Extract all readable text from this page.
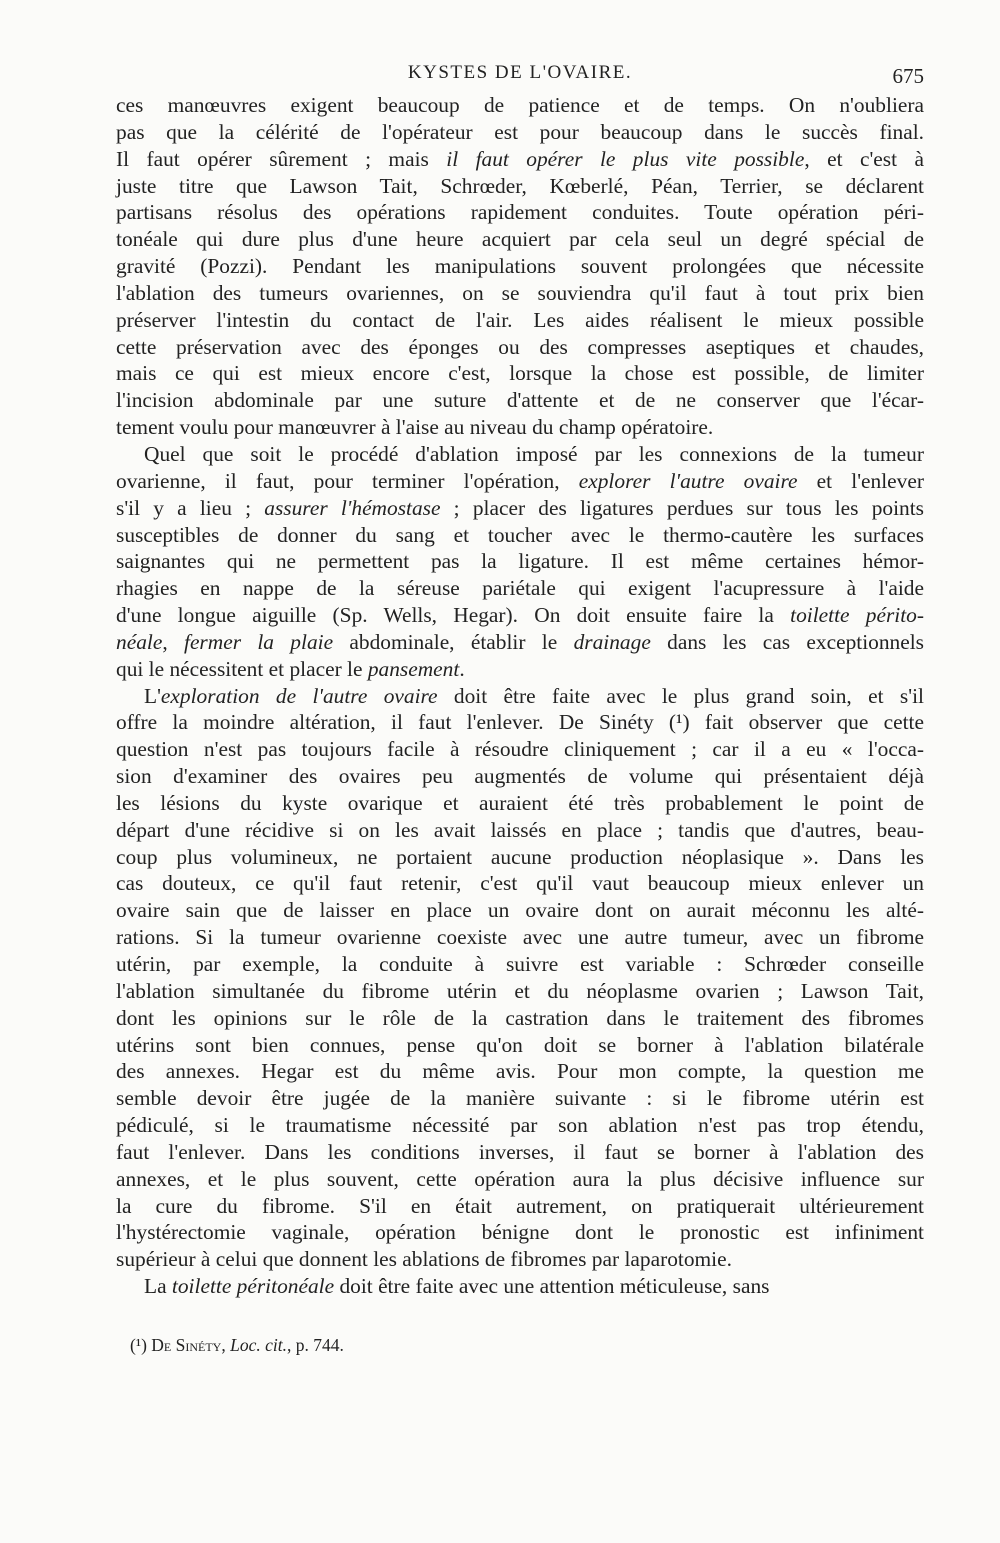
KYSTES DE L'OVAIRE.	675
ces manœuvres exigent beaucoup de patience et de temps. On n'oubliera
pas que la célérité de l'opérateur est pour beaucoup dans le succès final.
Il faut opérer sûrement ; mais il faut opérer le plus vite possible, et c'est à
juste titre que Lawson Tait, Schrœder, Kœberlé, Péan, Terrier, se déclarent
partisans résolus des opérations rapidement conduites. Toute opération péri-
tonéale qui dure plus d'une heure acquiert par cela seul un degré spécial de
gravité (Pozzi). Pendant les manipulations souvent prolongées que nécessite
l'ablation des tumeurs ovariennes, on se souviendra qu'il faut à tout prix bien
préserver l'intestin du contact de l'air. Les aides réalisent le mieux possible
cette préservation avec des éponges ou des compresses aseptiques et chaudes,
mais ce qui est mieux encore c'est, lorsque la chose est possible, de limiter
l'incision abdominale par une suture d'attente et de ne conserver que l'écar-
tement voulu pour manœuvrer à l'aise au niveau du champ opératoire.
Quel que soit le procédé d'ablation imposé par les connexions de la tumeur
ovarienne, il faut, pour terminer l'opération, explorer l'autre ovaire et l'enlever
s'il y a lieu ; assurer l'hémostase ; placer des ligatures perdues sur tous les points
susceptibles de donner du sang et toucher avec le thermo-cautère les surfaces
saignantes qui ne permettent pas la ligature. Il est même certaines hémor-
rhagies en nappe de la séreuse pariétale qui exigent l'acupressure à l'aide
d'une longue aiguille (Sp. Wells, Hegar). On doit ensuite faire la toilette périto-
néale, fermer la plaie abdominale, établir le drainage dans les cas exceptionnels
qui le nécessitent et placer le pansement.
L'exploration de l'autre ovaire doit être faite avec le plus grand soin, et s'il
offre la moindre altération, il faut l'enlever. De Sinéty (¹) fait observer que cette
question n'est pas toujours facile à résoudre cliniquement ; car il a eu « l'occa-
sion d'examiner des ovaires peu augmentés de volume qui présentaient déjà
les lésions du kyste ovarique et auraient été très probablement le point de
départ d'une récidive si on les avait laissés en place ; tandis que d'autres, beau-
coup plus volumineux, ne portaient aucune production néoplasique ». Dans les
cas douteux, ce qu'il faut retenir, c'est qu'il vaut beaucoup mieux enlever un
ovaire sain que de laisser en place un ovaire dont on aurait méconnu les alté-
rations. Si la tumeur ovarienne coexiste avec une autre tumeur, avec un fibrome
utérin, par exemple, la conduite à suivre est variable : Schrœder conseille
l'ablation simultanée du fibrome utérin et du néoplasme ovarien ; Lawson Tait,
dont les opinions sur le rôle de la castration dans le traitement des fibromes
utérins sont bien connues, pense qu'on doit se borner à l'ablation bilatérale
des annexes. Hegar est du même avis. Pour mon compte, la question me
semble devoir être jugée de la manière suivante : si le fibrome utérin est
pédiculé, si le traumatisme nécessité par son ablation n'est pas trop étendu,
faut l'enlever. Dans les conditions inverses, il faut se borner à l'ablation des
annexes, et le plus souvent, cette opération aura la plus décisive influence sur
la cure du fibrome. S'il en était autrement, on pratiquerait ultérieurement
l'hystérectomie vaginale, opération bénigne dont le pronostic est infiniment
supérieur à celui que donnent les ablations de fibromes par laparotomie.
La toilette péritonéale doit être faite avec une attention méticuleuse, sans
(¹) De Sinéty, Loc. cit., p. 744.
